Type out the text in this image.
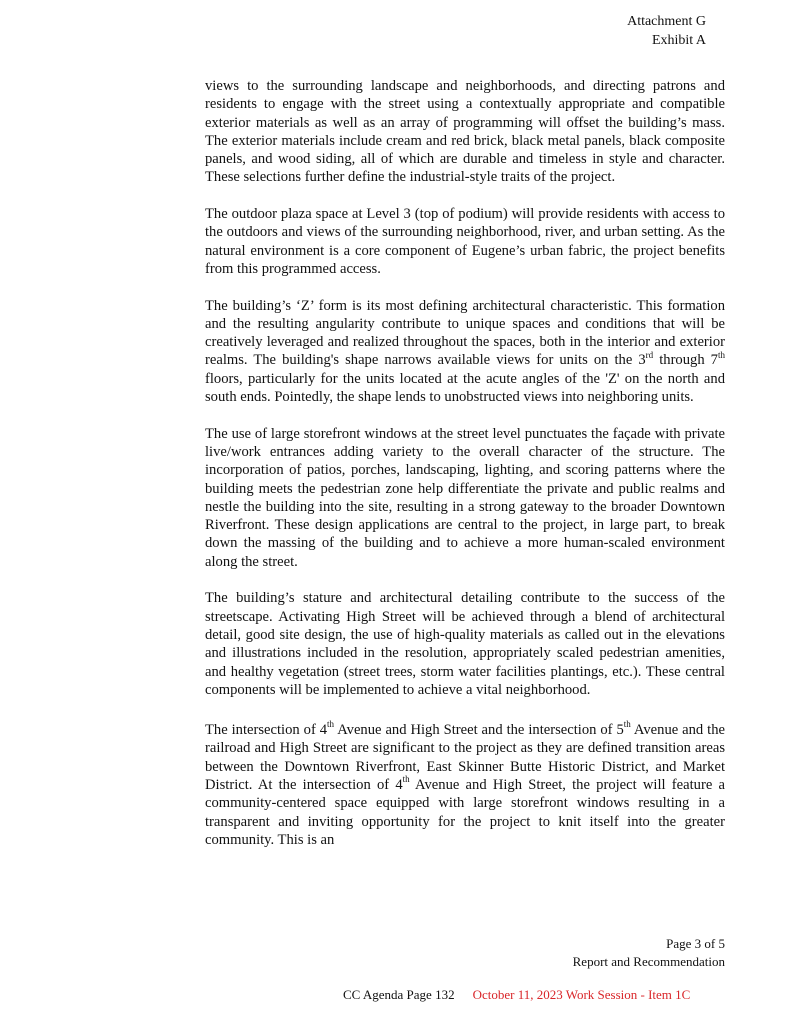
Attachment G
Exhibit A

views to the surrounding landscape and neighborhoods, and directing patrons and residents to engage with the street using a contextually appropriate and compatible exterior materials as well as an array of programming will offset the building’s mass. The exterior materials include cream and red brick, black metal panels, black composite panels, and wood siding, all of which are durable and timeless in style and character. These selections further define the industrial-style traits of the project.

The outdoor plaza space at Level 3 (top of podium) will provide residents with access to the outdoors and views of the surrounding neighborhood, river, and urban setting. As the natural environment is a core component of Eugene’s urban fabric, the project benefits from this programmed access.

The building’s ‘Z’ form is its most defining architectural characteristic. This formation and the resulting angularity contribute to unique spaces and conditions that will be creatively leveraged and realized throughout the spaces, both in the interior and exterior realms. The building's shape narrows available views for units on the 3rd through 7th floors, particularly for the units located at the acute angles of the 'Z' on the north and south ends. Pointedly, the shape lends to unobstructed views into neighboring units.

The use of large storefront windows at the street level punctuates the façade with private live/work entrances adding variety to the overall character of the structure. The incorporation of patios, porches, landscaping, lighting, and scoring patterns where the building meets the pedestrian zone help differentiate the private and public realms and nestle the building into the site, resulting in a strong gateway to the broader Downtown Riverfront. These design applications are central to the project, in large part, to break down the massing of the building and to achieve a more human-scaled environment along the street.

The building’s stature and architectural detailing contribute to the success of the streetscape. Activating High Street will be achieved through a blend of architectural detail, good site design, the use of high-quality materials as called out in the elevations and illustrations included in the resolution, appropriately scaled pedestrian amenities, and healthy vegetation (street trees, storm water facilities plantings, etc.). These central components will be implemented to achieve a vital neighborhood.

The intersection of 4th Avenue and High Street and the intersection of 5th Avenue and the railroad and High Street are significant to the project as they are defined transition areas between the Downtown Riverfront, East Skinner Butte Historic District, and Market District. At the intersection of 4th Avenue and High Street, the project will feature a community-centered space equipped with large storefront windows resulting in a transparent and inviting opportunity for the project to knit itself into the greater community. This is an

Page 3 of 5
Report and Recommendation
CC Agenda Page 132 October 11, 2023 Work Session - Item 1C
